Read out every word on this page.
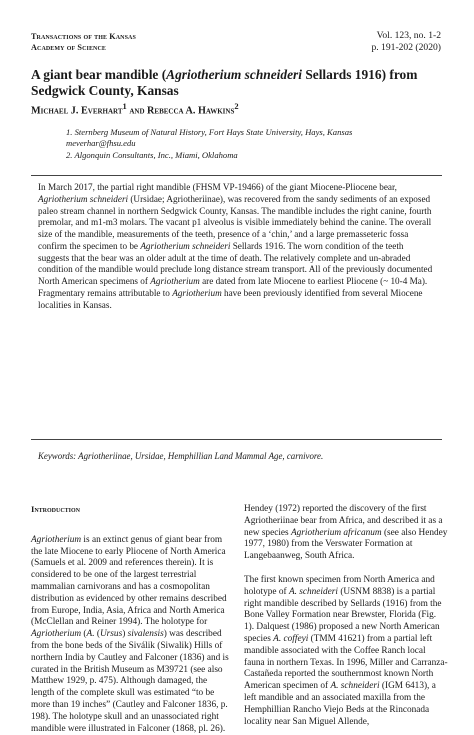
Transactions of the Kansas
Academy of Science
Vol. 123, no. 1-2
p. 191-202 (2020)
A giant bear mandible (Agriotherium schneideri Sellards 1916) from Sedgwick County, Kansas
Michael J. Everhart$^1$ and Rebecca A. Hawkins$^2$

1. Sternberg Museum of Natural History, Fort Hays State University, Hays, Kansas

meverhar@fhsu.edu

2. Algonquin Consultants, Inc., Miami, Oklahoma

In March 2017, the partial right mandible (FHSM VP-19466) of the giant Miocene-Pliocene bear, Agriotherium schneideri (Ursidae; Agriotheriinae), was recovered from the sandy sediments of an exposed paleo stream channel in northern Sedgwick County, Kansas. The mandible includes the right canine, fourth premolar, and m1-m3 molars. The vacant p1 alveolus is visible immediately behind the canine. The overall size of the mandible, measurements of the teeth, presence of a ‘chin,’ and a large premasseteric fossa confirm the specimen to be Agriotherium schneideri Sellards 1916. The worn condition of the teeth suggests that the bear was an older adult at the time of death. The relatively complete and un-abraded condition of the mandible would preclude long distance stream transport. All of the previously documented North American specimens of Agriotherium are dated from late Miocene to earliest Pliocene (~ 10-4 Ma). Fragmentary remains attributable to Agriotherium have been previously identified from several Miocene localities in Kansas.
Keywords: Agriotheriinae, Ursidae, Hemphillian Land Mammal Age, carnivore.
Introduction

Agriotherium is an extinct genus of giant bear from the late Miocene to early Pliocene of North America (Samuels et al. 2009 and references therein). It is considered to be one of the largest terrestrial mammalian carnivorans and has a cosmopolitan distribution as evidenced by other remains described from Europe, India, Asia, Africa and North America (McClellan and Reiner 1994). The holotype for Agriotherium (A. (Ursus) sivalensis) was described from the bone beds of the Siválik (Siwalik) Hills of northern India by Cautley and Falconer (1836) and is curated in the British Museum as M39721 (see also Matthew 1929, p. 475). Although damaged, the length of the complete skull was estimated “to be more than 19 inches” (Cautley and Falconer 1836, p. 198). The holotype skull and an unassociated right mandible were illustrated in Falconer (1868, pl. 26).

Hendey (1972) reported the discovery of the first Agriotheriinae bear from Africa, and described it as a new species Agriotherium africanum (see also Hendey 1977, 1980) from the Verswater Formation at Langebaanweg, South Africa.

The first known specimen from North America and holotype of A. schneideri (USNM 8838) is a partial right mandible described by Sellards (1916) from the Bone Valley Formation near Brewster, Florida (Fig. 1). Dalquest (1986) proposed a new North American species A. coffeyi (TMM 41621) from a partial left mandible associated with the Coffee Ranch local fauna in northern Texas. In 1996, Miller and Carranza-Castañeda reported the southernmost known North American specimen of A. schneideri (IGM 6413), a left mandible and an associated maxilla from the Hemphillian Rancho Viejo Beds at the Rinconada locality near San Miguel Allende,
